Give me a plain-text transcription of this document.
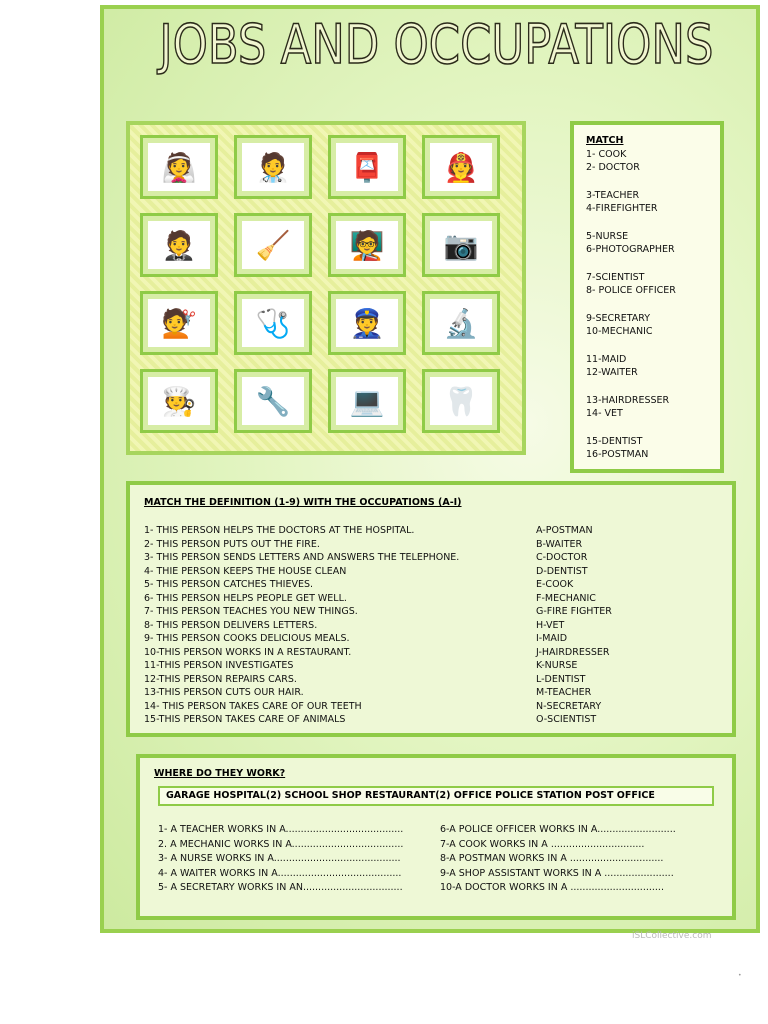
JOBS AND OCCUPATIONS
👰	🧑‍⚕️	📮	🧑‍🚒
🤵	🧹	🧑‍🏫	📷
💇	🩺	👮	🔬
🧑‍🍳	🔧	💻	🦷
MATCH
1- COOK
2- DOCTOR
3-TEACHER
4-FIREFIGHTER
5-NURSE
6-PHOTOGRAPHER
7-SCIENTIST
8- POLICE OFFICER
9-SECRETARY
10-MECHANIC
11-MAID
12-WAITER
13-HAIRDRESSER
14- VET
15-DENTIST
16-POSTMAN
MATCH THE DEFINITION (1-9) WITH THE OCCUPATIONS (A-I)
1- THIS PERSON HELPS THE DOCTORS AT THE HOSPITAL.
2- THIS PERSON PUTS OUT THE FIRE.
3- THIS PERSON SENDS LETTERS AND ANSWERS THE TELEPHONE.
4- THIE PERSON KEEPS THE HOUSE CLEAN
5- THIS PERSON CATCHES THIEVES.
6- THIS PERSON HELPS PEOPLE GET WELL.
7- THIS PERSON TEACHES YOU NEW THINGS.
8- THIS PERSON DELIVERS LETTERS.
9- THIS PERSON COOKS DELICIOUS MEALS.
10-THIS PERSON WORKS IN A RESTAURANT.
11-THIS PERSON INVESTIGATES
12-THIS PERSON REPAIRS CARS.
13-THIS PERSON CUTS OUR HAIR.
14- THIS PERSON TAKES CARE OF OUR TEETH
15-THIS PERSON TAKES CARE OF ANIMALS
A-POSTMAN
B-WAITER
C-DOCTOR
D-DENTIST
E-COOK
F-MECHANIC
G-FIRE FIGHTER
H-VET
I-MAID
J-HAIRDRESSER
K-NURSE
L-DENTIST
M-TEACHER
N-SECRETARY
O-SCIENTIST
WHERE DO THEY WORK?
GARAGE HOSPITAL(2) SCHOOL SHOP RESTAURANT(2) OFFICE POLICE STATION POST OFFICE
1- A TEACHER WORKS IN A.......................................
2. A MECHANIC WORKS IN A.....................................
3- A NURSE WORKS IN A..........................................
4- A WAITER WORKS IN A.........................................
5- A SECRETARY WORKS IN AN.................................
6-A POLICE OFFICER WORKS IN A..........................
7-A COOK WORKS IN A ...............................
8-A POSTMAN WORKS IN A ...............................
9-A SHOP ASSISTANT WORKS IN A .......................
10-A DOCTOR WORKS IN A ...............................
iSLCollective.com
•
